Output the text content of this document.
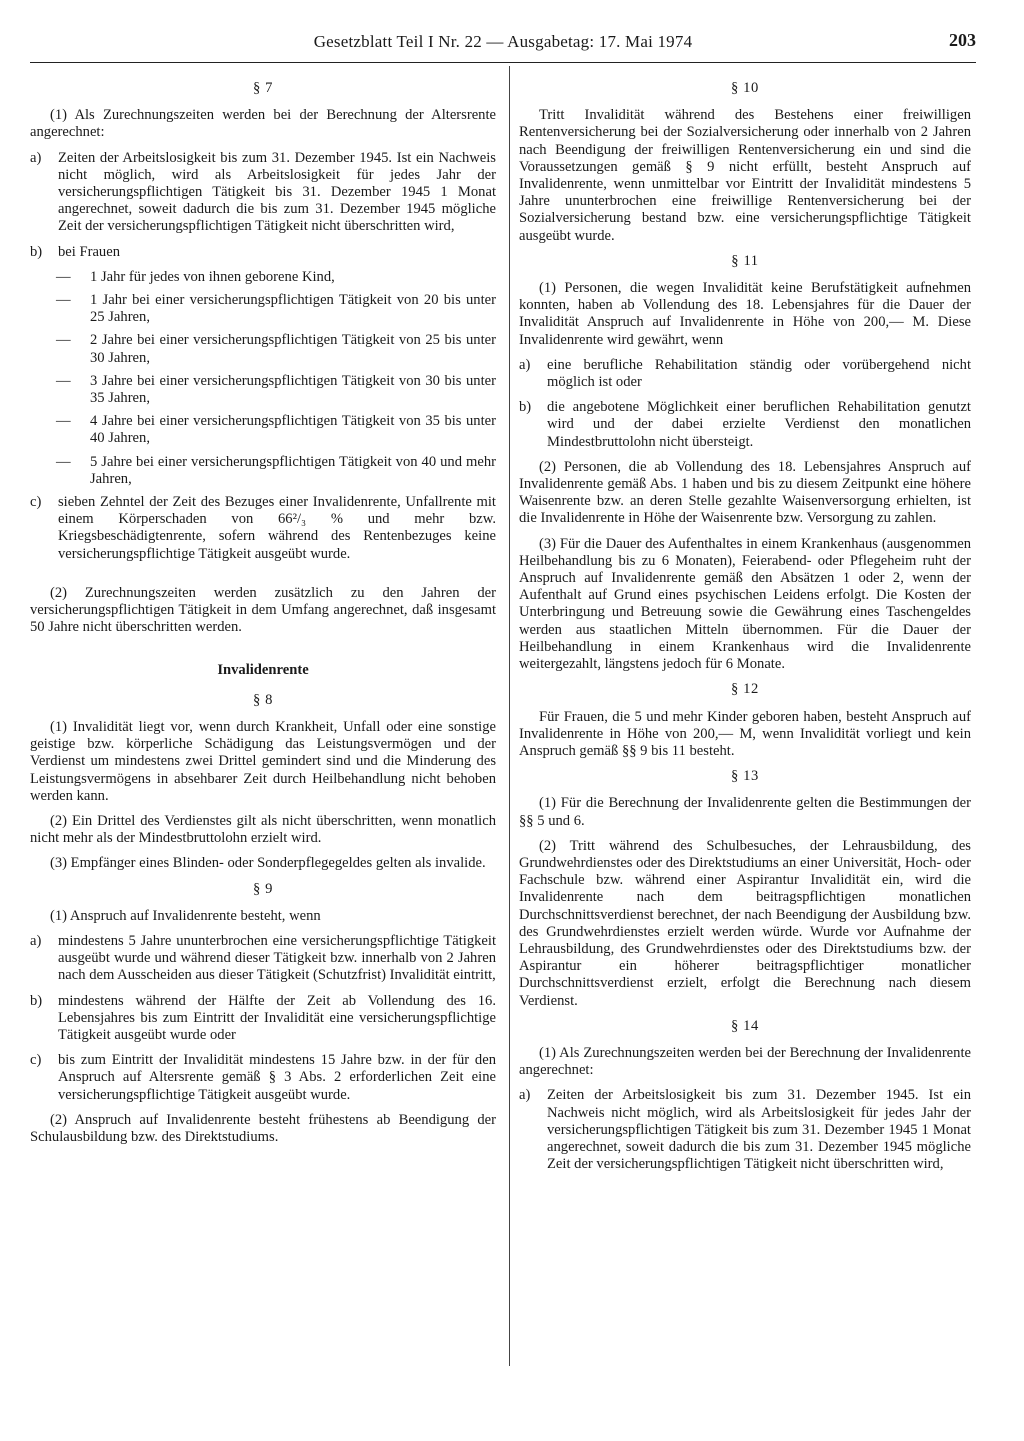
Gesetzblatt Teil I Nr. 22 — Ausgabetag: 17. Mai 1974	203
§ 7
(1) Als Zurechnungszeiten werden bei der Berechnung der Altersrente angerechnet:
a) Zeiten der Arbeitslosigkeit bis zum 31. Dezember 1945. Ist ein Nachweis nicht möglich, wird als Arbeitslosigkeit für jedes Jahr der versicherungspflichtigen Tätigkeit bis 31. Dezember 1945 1 Monat angerechnet, soweit dadurch die bis zum 31. Dezember 1945 mögliche Zeit der versicherungspflichtigen Tätigkeit nicht überschritten wird,
b) bei Frauen
— 1 Jahr für jedes von ihnen geborene Kind,
— 1 Jahr bei einer versicherungspflichtigen Tätigkeit von 20 bis unter 25 Jahren,
— 2 Jahre bei einer versicherungspflichtigen Tätigkeit von 25 bis unter 30 Jahren,
— 3 Jahre bei einer versicherungspflichtigen Tätigkeit von 30 bis unter 35 Jahren,
— 4 Jahre bei einer versicherungspflichtigen Tätigkeit von 35 bis unter 40 Jahren,
— 5 Jahre bei einer versicherungspflichtigen Tätigkeit von 40 und mehr Jahren,
c) sieben Zehntel der Zeit des Bezuges einer Invalidenrente, Unfallrente mit einem Körperschaden von 66²/₃ % und mehr bzw. Kriegsbeschädigtenrente, sofern während des Rentenbezuges keine versicherungspflichtige Tätigkeit ausgeübt wurde.
(2) Zurechnungszeiten werden zusätzlich zu den Jahren der versicherungspflichtigen Tätigkeit in dem Umfang angerechnet, daß insgesamt 50 Jahre nicht überschritten werden.
Invalidenrente
§ 8
(1) Invalidität liegt vor, wenn durch Krankheit, Unfall oder eine sonstige geistige bzw. körperliche Schädigung das Leistungsvermögen und der Verdienst um mindestens zwei Drittel gemindert sind und die Minderung des Leistungsvermögens in absehbarer Zeit durch Heilbehandlung nicht behoben werden kann.
(2) Ein Drittel des Verdienstes gilt als nicht überschritten, wenn monatlich nicht mehr als der Mindestbruttolohn erzielt wird.
(3) Empfänger eines Blinden- oder Sonderpflegegeldes gelten als invalide.
§ 9
(1) Anspruch auf Invalidenrente besteht, wenn
a) mindestens 5 Jahre ununterbrochen eine versicherungspflichtige Tätigkeit ausgeübt wurde und während dieser Tätigkeit bzw. innerhalb von 2 Jahren nach dem Ausscheiden aus dieser Tätigkeit (Schutzfrist) Invalidität eintritt,
b) mindestens während der Hälfte der Zeit ab Vollendung des 16. Lebensjahres bis zum Eintritt der Invalidität eine versicherungspflichtige Tätigkeit ausgeübt wurde oder
c) bis zum Eintritt der Invalidität mindestens 15 Jahre bzw. in der für den Anspruch auf Altersrente gemäß § 3 Abs. 2 erforderlichen Zeit eine versicherungspflichtige Tätigkeit ausgeübt wurde.
(2) Anspruch auf Invalidenrente besteht frühestens ab Beendigung der Schulausbildung bzw. des Direktstudiums.
§ 10
Tritt Invalidität während des Bestehens einer freiwilligen Rentenversicherung bei der Sozialversicherung oder innerhalb von 2 Jahren nach Beendigung der freiwilligen Rentenversicherung ein und sind die Voraussetzungen gemäß § 9 nicht erfüllt, besteht Anspruch auf Invalidenrente, wenn unmittelbar vor Eintritt der Invalidität mindestens 5 Jahre ununterbrochen eine freiwillige Rentenversicherung bei der Sozialversicherung bestand bzw. eine versicherungspflichtige Tätigkeit ausgeübt wurde.
§ 11
(1) Personen, die wegen Invalidität keine Berufstätigkeit aufnehmen konnten, haben ab Vollendung des 18. Lebensjahres für die Dauer der Invalidität Anspruch auf Invalidenrente in Höhe von 200,— M. Diese Invalidenrente wird gewährt, wenn
a) eine berufliche Rehabilitation ständig oder vorübergehend nicht möglich ist oder
b) die angebotene Möglichkeit einer beruflichen Rehabilitation genutzt wird und der dabei erzielte Verdienst den monatlichen Mindestbruttolohn nicht übersteigt.
(2) Personen, die ab Vollendung des 18. Lebensjahres Anspruch auf Invalidenrente gemäß Abs. 1 haben und bis zu diesem Zeitpunkt eine höhere Waisenrente bzw. an deren Stelle gezahlte Waisenversorgung erhielten, ist die Invalidenrente in Höhe der Waisenrente bzw. Versorgung zu zahlen.
(3) Für die Dauer des Aufenthaltes in einem Krankenhaus (ausgenommen Heilbehandlung bis zu 6 Monaten), Feierabend- oder Pflegeheim ruht der Anspruch auf Invalidenrente gemäß den Absätzen 1 oder 2, wenn der Aufenthalt auf Grund eines psychischen Leidens erfolgt. Die Kosten der Unterbringung und Betreuung sowie die Gewährung eines Taschengeldes werden aus staatlichen Mitteln übernommen. Für die Dauer der Heilbehandlung in einem Krankenhaus wird die Invalidenrente weitergezahlt, längstens jedoch für 6 Monate.
§ 12
Für Frauen, die 5 und mehr Kinder geboren haben, besteht Anspruch auf Invalidenrente in Höhe von 200,— M, wenn Invalidität vorliegt und kein Anspruch gemäß §§ 9 bis 11 besteht.
§ 13
(1) Für die Berechnung der Invalidenrente gelten die Bestimmungen der §§ 5 und 6.
(2) Tritt während des Schulbesuches, der Lehrausbildung, des Grundwehrdienstes oder des Direktstudiums an einer Universität, Hoch- oder Fachschule bzw. während einer Aspirantur Invalidität ein, wird die Invalidenrente nach dem beitragspflichtigen monatlichen Durchschnittsverdienst berechnet, der nach Beendigung der Ausbildung bzw. des Grundwehrdienstes erzielt werden würde. Wurde vor Aufnahme der Lehrausbildung, des Grundwehrdienstes oder des Direktstudiums bzw. der Aspirantur ein höherer beitragspflichtiger monatlicher Durchschnittsverdienst erzielt, erfolgt die Berechnung nach diesem Verdienst.
§ 14
(1) Als Zurechnungszeiten werden bei der Berechnung der Invalidenrente angerechnet:
a) Zeiten der Arbeitslosigkeit bis zum 31. Dezember 1945. Ist ein Nachweis nicht möglich, wird als Arbeitslosigkeit für jedes Jahr der versicherungspflichtigen Tätigkeit bis zum 31. Dezember 1945 1 Monat angerechnet, soweit dadurch die bis zum 31. Dezember 1945 mögliche Zeit der versicherungspflichtigen Tätigkeit nicht überschritten wird,
